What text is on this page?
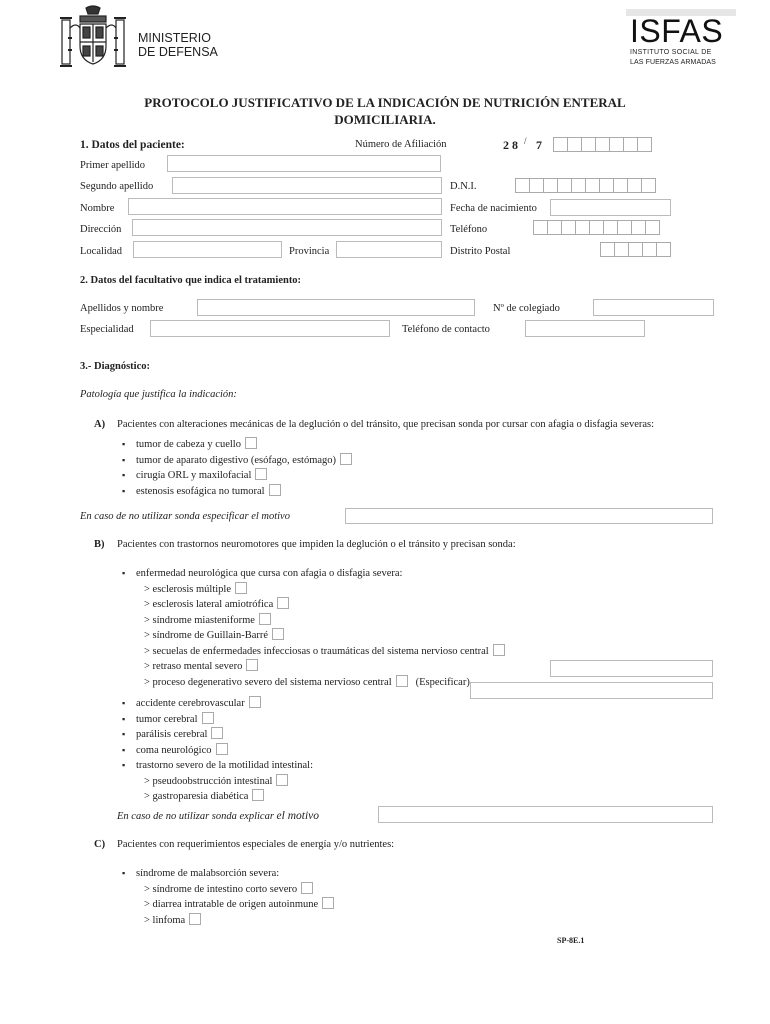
MINISTERIO
DE DEFENSA
ISFAS
INSTITUTO SOCIAL DE
LAS FUERZAS ARMADAS
PROTOCOLO JUSTIFICATIVO DE LA INDICACIÓN DE NUTRICIÓN ENTERAL
DOMICILIARIA.
1. Datos del paciente:	Número de Afiliación	2 8 / 7
Primer apellido
Segundo apellido	D.N.I.
Nombre	Fecha de nacimiento
Dirección	Teléfono
Localidad	Provincia	Distrito Postal
2. Datos del facultativo que indica el tratamiento:
Apellidos y nombre	Nº de colegiado
Especialidad	Teléfono de contacto
3.- Diagnóstico:
Patología que justifica la indicación:
A) Pacientes con alteraciones mecánicas de la deglución o del tránsito, que precisan sonda por cursar con afagia o disfagia severas:
▪ tumor de cabeza y cuello
▪ tumor de aparato digestivo (esófago, estómago)
▪ cirugía ORL y maxilofacial
▪ estenosis esofágica no tumoral
En caso de no utilizar sonda especificar el motivo
B) Pacientes con trastornos neuromotores que impiden la deglución o el tránsito y precisan sonda:
▪ enfermedad neurológica que cursa con afagia o disfagia severa:
> esclerosis múltiple
> esclerosis lateral amiotrófica
> síndrome miasteniforme
> síndrome de Guillain-Barré
> secuelas de enfermedades infecciosas o traumáticas del sistema nervioso central
> retraso mental severo
> proceso degenerativo severo del sistema nervioso central (Especificar)
▪ accidente cerebrovascular
▪ tumor cerebral
▪ parálisis cerebral
▪ coma neurológico
▪ trastorno severo de la motilidad intestinal:
> pseudoobstrucción intestinal
> gastroparesia diabética
En caso de no utilizar sonda explicar el motivo
C) Pacientes con requerimientos especiales de energía y/o nutrientes:
▪ síndrome de malabsorción severa:
> síndrome de intestino corto severo
> diarrea intratable de origen autoinmune
> linfoma
SP-8E.1
